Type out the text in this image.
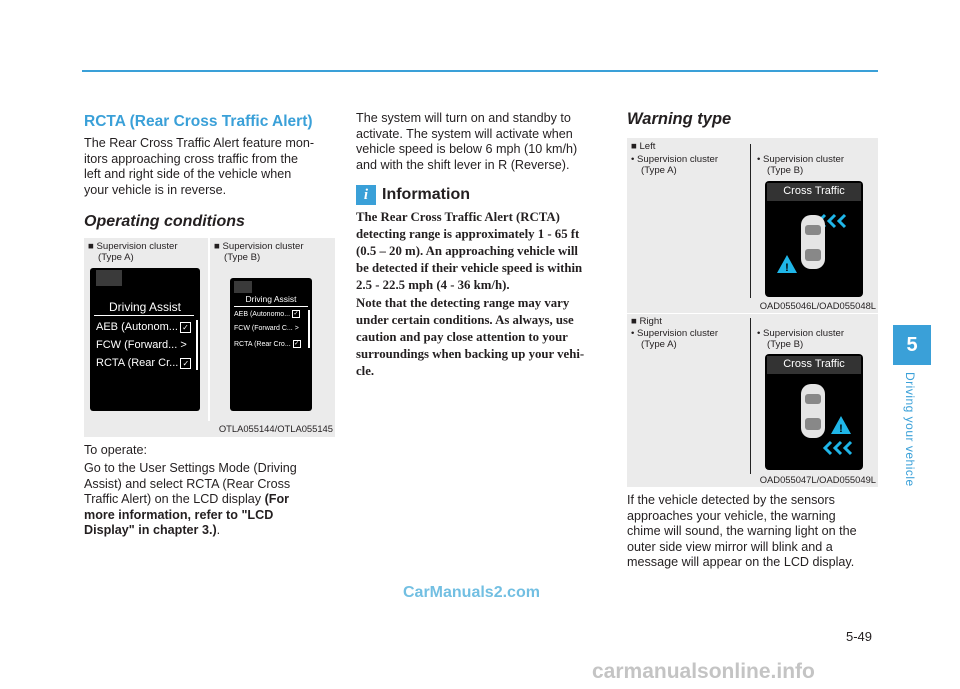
RCTA (Rear Cross Traffic Alert)
The Rear Cross Traffic Alert feature mon-
itors approaching cross traffic from the
left and right side of the vehicle when
your vehicle is in reverse.
Operating conditions
■ Supervision cluster
(Type A)
■ Supervision cluster
(Type B)
Driving Assist
AEB (Autonom... ✓
FCW (Forward... >
RCTA (Rear Cr... ✓
Driving Assist
AEB (Autonomo... ✓
FCW (Forward C... >
RCTA (Rear Cro... ✓
OTLA055144/OTLA055145
To operate:
Go to the User Settings Mode (Driving
Assist) and select RCTA (Rear Cross
Traffic Alert) on the LCD display (For
more information, refer to "LCD
Display" in chapter 3.).
The system will turn on and standby to
activate. The system will activate when
vehicle speed is below 6 mph (10 km/h)
and with the shift lever in R (Reverse).
i Information
The Rear Cross Traffic Alert (RCTA)
detecting range is approximately 1 - 65 ft
(0.5 – 20 m). An approaching vehicle will
be detected if their vehicle speed is within
2.5 - 22.5 mph (4 - 36 km/h).
Note that the detecting range may vary
under certain conditions. As always, use
caution and pay close attention to your
surroundings when backing up your vehi-
cle.
Warning type
■ Left
• Supervision cluster
(Type A)
• Supervision cluster
(Type B)
Cross Traffic
!
OAD055046L/OAD055048L
■ Right
• Supervision cluster
(Type A)
• Supervision cluster
(Type B)
Cross Traffic
!
OAD055047L/OAD055049L
If the vehicle detected by the sensors
approaches your vehicle, the warning
chime will sound, the warning light on the
outer side view mirror will blink and a
message will appear on the LCD display.
5
Driving your vehicle
5-49
CarManuals2.com
carmanualsonline.info
